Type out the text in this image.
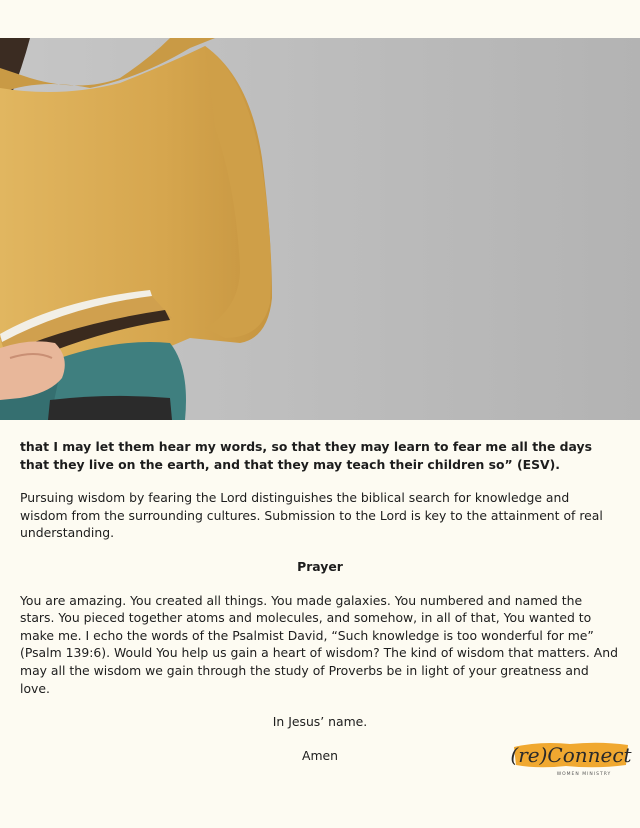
that I may let them hear my words, so that they may learn to fear me all the days that they live on the earth, and that they may teach their children so” (ESV).

Pursuing wisdom by fearing the Lord distinguishes the biblical search for knowledge and wisdom from the surrounding cultures. Submission to the Lord is key to the attainment of real understanding.

Prayer

You are amazing. You created all things. You made galaxies. You numbered and named the stars. You pieced together atoms and molecules, and somehow, in all of that, You wanted to make me. I echo the words of the Psalmist David, “Such knowledge is too wonderful for me” (Psalm 139:6). Would You help us gain a heart of wisdom? The kind of wisdom that matters. And may all the wisdom we gain through the study of Proverbs be in light of your greatness and love.

In Jesus’ name.

Amen	(re)Connect
WOMEN MINISTRY
